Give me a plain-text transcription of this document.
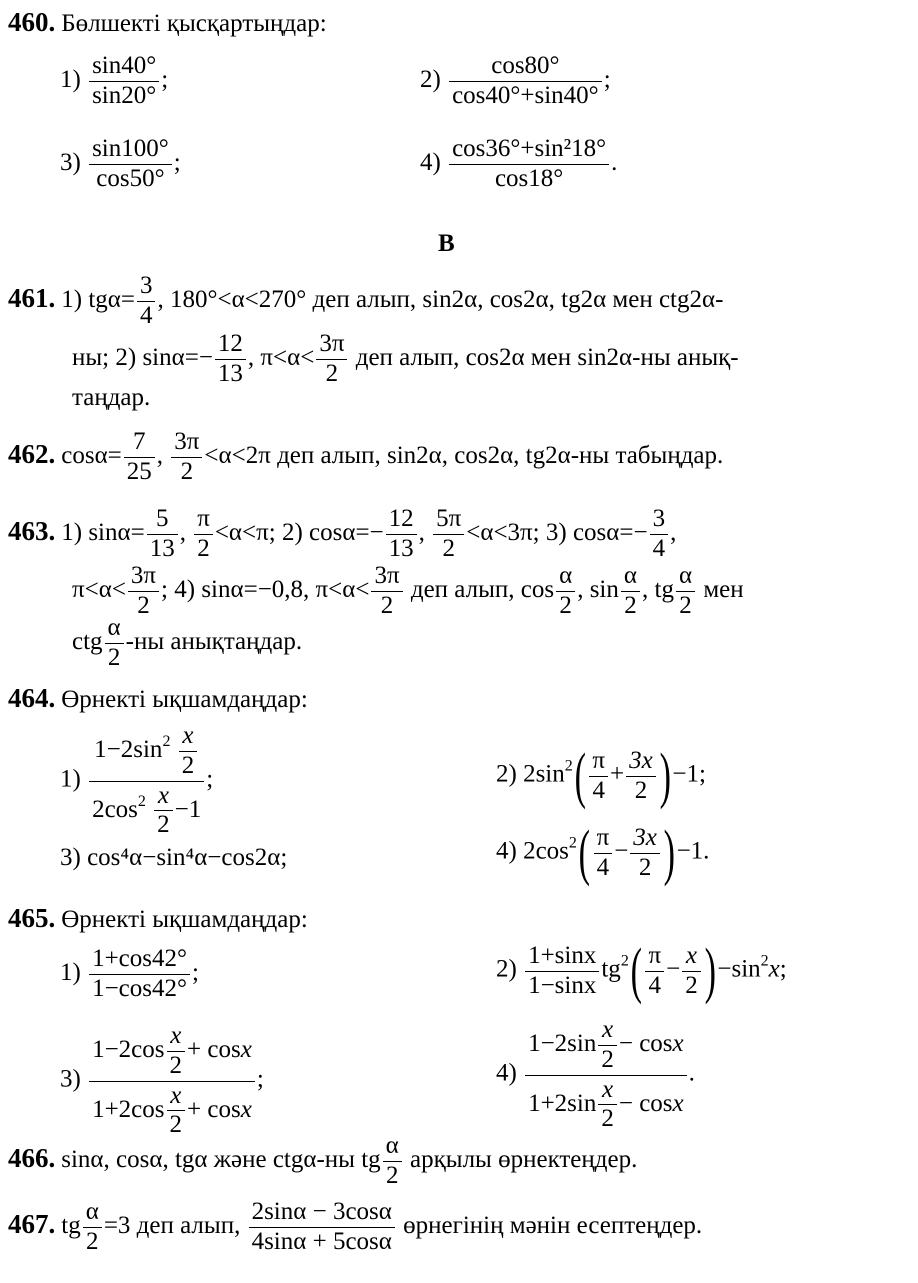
460. Бөлшекті қысқартыңдар:
$1) \frac{\sin 40^\circ}{\sin 20^\circ}$ ;	$2) \frac{\cos 80^\circ}{\cos 40^\circ+\sin 40^\circ}$ ;
$3) \frac{\sin 100^\circ}{\cos 50^\circ}$ ;	$4) \frac{\text{cos36°+sin²18°}}{\cos 18^\circ}$ .
B
461. 1) $tg\alpha= \frac{3}{4}$ , 180°<α<270° деп алып, sin2α, cos2α, tg2α мен ctg2α-
ны; 2) $\sin\alpha=- \frac{12}{13}$ , $\pi<\alpha< \frac{3\pi}{2}$ деп алып, cos2α мен sin2α-ны анық-
таңдар.
462. $\cos\alpha= \frac{7}{25}$ , $\frac{3\pi}{2} <\alpha<2\pi$ деп алып, sin2α, cos2α, tg2α-ны табыңдар.
463. 1) $\sin\alpha= \frac{5}{13}$ , $\frac{\pi}{2} <\alpha<\pi$; 2) $\cos\alpha=- \frac{12}{13}$ , $\frac{5\pi}{2} <\alpha<3\pi$; 3) $\cos\alpha=- \frac{3}{4}$ ,
$\pi<\alpha< \frac{3\pi}{2}$ ; 4) sinα=−0,8, $\pi<\alpha< \frac{3\pi}{2}$ деп алып, $\cos \frac{\alpha}{2}$ , $\sin \frac{\alpha}{2}$ , tg $\frac{\alpha}{2}$ мен
ctg $\frac{\alpha}{2} -ны$ анықтаңдар.
464. Өрнекті ықшамдаңдар:
$1) \frac{1-2\sin^2 \frac{x}{2}}{2\cos^2 \frac{x}{2} -1}$ ;	2) $2\sin^2( \frac{\pi}{4} + \frac{3x}{2} )-1$;
3) cos⁴α−sin⁴α−cos2α;	4) $2\cos^2( \frac{\pi}{4} - \frac{3x}{2} )-1$.
465. Өрнекті ықшамдаңдар:
$1) \frac{1+\cos 42^\circ}{1-\cos 42^\circ}$ ;	$2) \frac{1+\sin x}{1-\sin x} tg^2( \frac{\pi}{4} - \frac{x}{2} )-\sin^2x$;
$3) \frac{1-2\cos \frac{x}{2} + \cos x}{1+2\cos \frac{x}{2} + \cos x}$ ;	$4) \frac{1-2\sin \frac{x}{2} - \cos x}{1+2\sin \frac{x}{2} - \cos x}$ .
466. sinα, cosα, tgα және ctgα-ны tg $\frac{\alpha}{2}$ арқылы өрнектеңдер.
467. tg $\frac{\alpha}{2} =3$ деп алып, $\frac{2\sin\alpha - 3\cos\alpha}{4\sin\alpha + 5\cos\alpha}$ өрнегінің мәнін есептеңдер.
